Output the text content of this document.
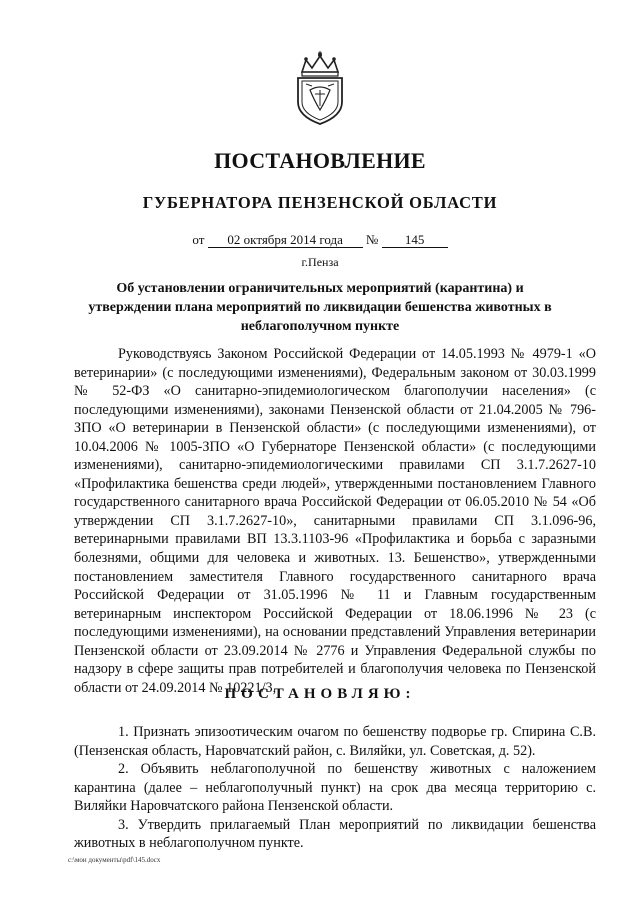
ПОСТАНОВЛЕНИЕ
ГУБЕРНАТОРА ПЕНЗЕНСКОЙ ОБЛАСТИ
от 02 октября 2014 года № 145
г.Пенза
Об установлении ограничительных мероприятий (карантина) и утверждении плана мероприятий по ликвидации бешенства животных в неблагополучном пункте

Руководствуясь Законом Российской Федерации от 14.05.1993 № 4979-1 «О ветеринарии» (с последующими изменениями), Федеральным законом от 30.03.1999 № 52-ФЗ «О санитарно-эпидемиологическом благополучии населения» (с последующими изменениями), законами Пензенской области от 21.04.2005 № 796-ЗПО «О ветеринарии в Пензенской области» (с последующими изменениями), от 10.04.2006 № 1005-ЗПО «О Губернаторе Пензенской области» (с последующими изменениями), санитарно-эпидемиологическими правилами СП 3.1.7.2627-10 «Профилактика бешенства среди людей», утвержденными постановлением Главного государственного санитарного врача Российской Федерации от 06.05.2010 № 54 «Об утверждении СП 3.1.7.2627-10», санитарными правилами СП 3.1.096-96, ветеринарными правилами ВП 13.3.1103-96 «Профилактика и борьба с заразными болезнями, общими для человека и животных. 13. Бешенство», утвержденными постановлением заместителя Главного государственного санитарного врача Российской Федерации от 31.05.1996 № 11 и Главным государственным ветеринарным инспектором Российской Федерации от 18.06.1996 № 23 (с последующими изменениями), на основании представлений Управления ветеринарии Пензенской области от 23.09.2014 № 2776 и Управления Федеральной службы по надзору в сфере защиты прав потребителей и благополучия человека по Пензенской области от 24.09.2014 № 10221/3,

ПОСТАНОВЛЯЮ:

1. Признать эпизоотическим очагом по бешенству подворье гр. Спирина С.В. (Пензенская область, Наровчатский район, с. Виляйки, ул. Советская, д. 52).

2. Объявить неблагополучной по бешенству животных с наложением карантина (далее – неблагополучный пункт) на срок два месяца территорию с. Виляйки Наровчатского района Пензенской области.

3. Утвердить прилагаемый План мероприятий по ликвидации бешенства животных в неблагополучном пункте.

c:\мои документы\pdf\145.docx
